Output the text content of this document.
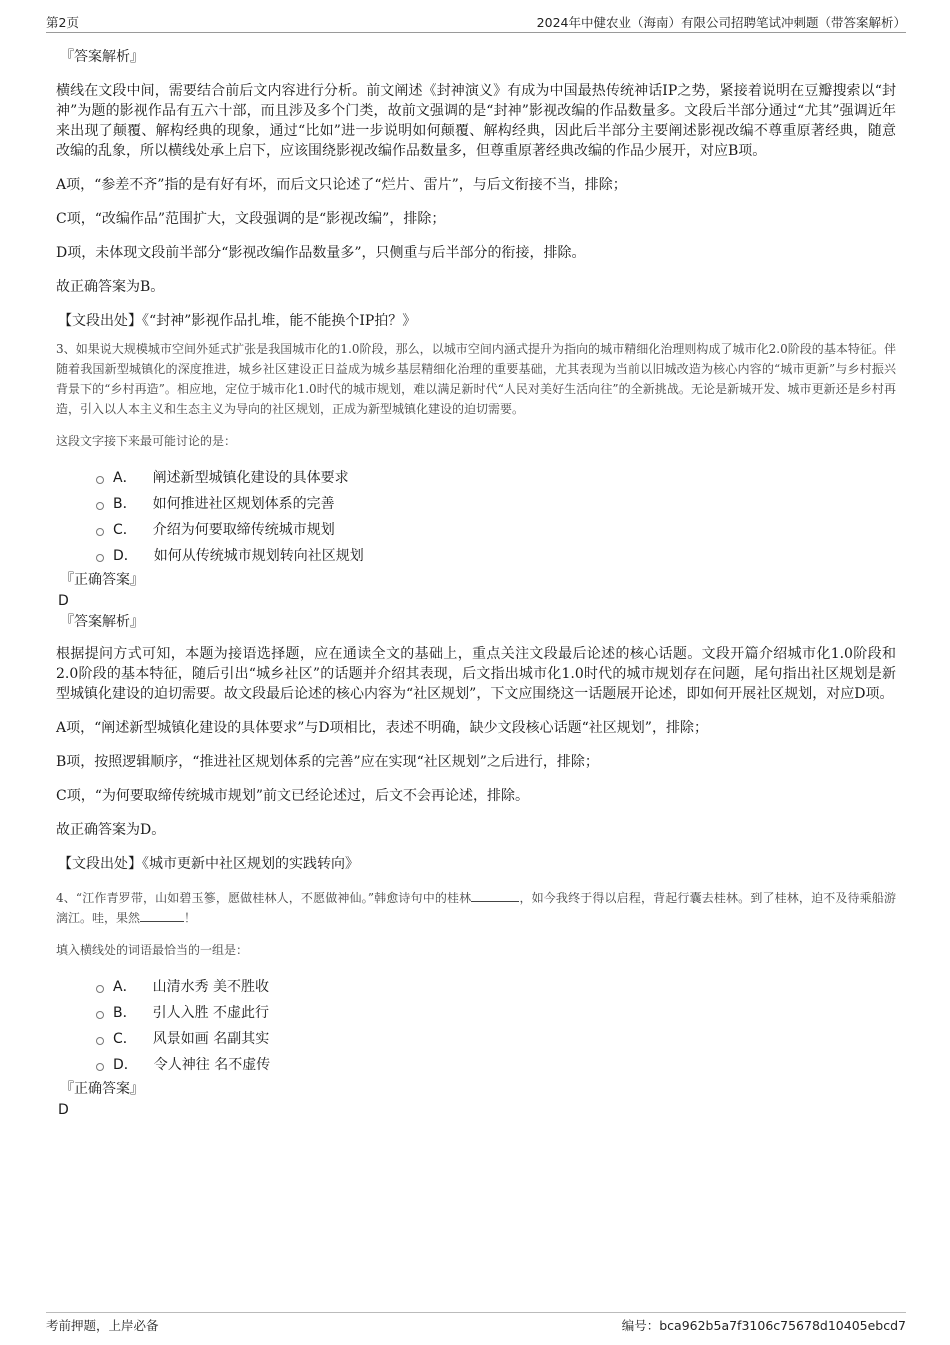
第2页	2024年中健农业（海南）有限公司招聘笔试冲刺题（带答案解析）
『答案解析』

横线在文段中间，需要结合前后文内容进行分析。前文阐述《封神演义》有成为中国最热传统神话IP之势，紧接着说明在豆瓣搜索以“封神”为题的影视作品有五六十部，而且涉及多个门类，故前文强调的是“封神”影视改编的作品数量多。文段后半部分通过“尤其”强调近年来出现了颠覆、解构经典的现象，通过“比如”进一步说明如何颠覆、解构经典，因此后半部分主要阐述影视改编不尊重原著经典，随意改编的乱象，所以横线处承上启下，应该围绕影视改编作品数量多，但尊重原著经典改编的作品少展开，对应B项。

A项，“参差不齐”指的是有好有坏，而后文只论述了“烂片、雷片”，与后文衔接不当，排除；

C项，“改编作品”范围扩大，文段强调的是“影视改编”，排除；

D项，未体现文段前半部分“影视改编作品数量多”，只侧重与后半部分的衔接，排除。

故正确答案为B。

【文段出处】《“封神”影视作品扎堆，能不能换个IP拍？》
3、如果说大规模城市空间外延式扩张是我国城市化的1.0阶段，那么，以城市空间内涵式提升为指向的城市精细化治理则构成了城市化2.0阶段的基本特征。伴随着我国新型城镇化的深度推进，城乡社区建设正日益成为城乡基层精细化治理的重要基础，尤其表现为当前以旧城改造为核心内容的“城市更新”与乡村振兴背景下的“乡村再造”。相应地，定位于城市化1.0时代的城市规划，难以满足新时代“人民对美好生活向往”的全新挑战。无论是新城开发、城市更新还是乡村再造，引入以人本主义和生态主义为导向的社区规划，正成为新型城镇化建设的迫切需要。
这段文字接下来最可能讨论的是：
A． 阐述新型城镇化建设的具体要求
B． 如何推进社区规划体系的完善
C． 介绍为何要取缔传统城市规划
D． 如何从传统城市规划转向社区规划
『正确答案』
D
『答案解析』

根据提问方式可知，本题为接语选择题，应在通读全文的基础上，重点关注文段最后论述的核心话题。文段开篇介绍城市化1.0阶段和2.0阶段的基本特征，随后引出“城乡社区”的话题并介绍其表现，后文指出城市化1.0时代的城市规划存在问题，尾句指出社区规划是新型城镇化建设的迫切需要。故文段最后论述的核心内容为“社区规划”，下文应围绕这一话题展开论述，即如何开展社区规划，对应D项。

A项，“阐述新型城镇化建设的具体要求”与D项相比，表述不明确，缺少文段核心话题“社区规划”，排除；

B项，按照逻辑顺序，“推进社区规划体系的完善”应在实现“社区规划”之后进行，排除；

C项，“为何要取缔传统城市规划”前文已经论述过，后文不会再论述，排除。

故正确答案为D。

【文段出处】《城市更新中社区规划的实践转向》
4、“江作青罗带，山如碧玉篸，愿做桂林人，不愿做神仙。”韩愈诗句中的桂林	，如今我终于得以启程，背起行囊去桂林。到了桂林，迫不及待乘船游漓江。哇，果然	！
填入横线处的词语最恰当的一组是：
A． 山清水秀 美不胜收
B． 引人入胜 不虚此行
C． 风景如画 名副其实
D． 令人神往 名不虚传
『正确答案』
D
考前押题，上岸必备	编号：bca962b5a7f3106c75678d10405ebcd7
